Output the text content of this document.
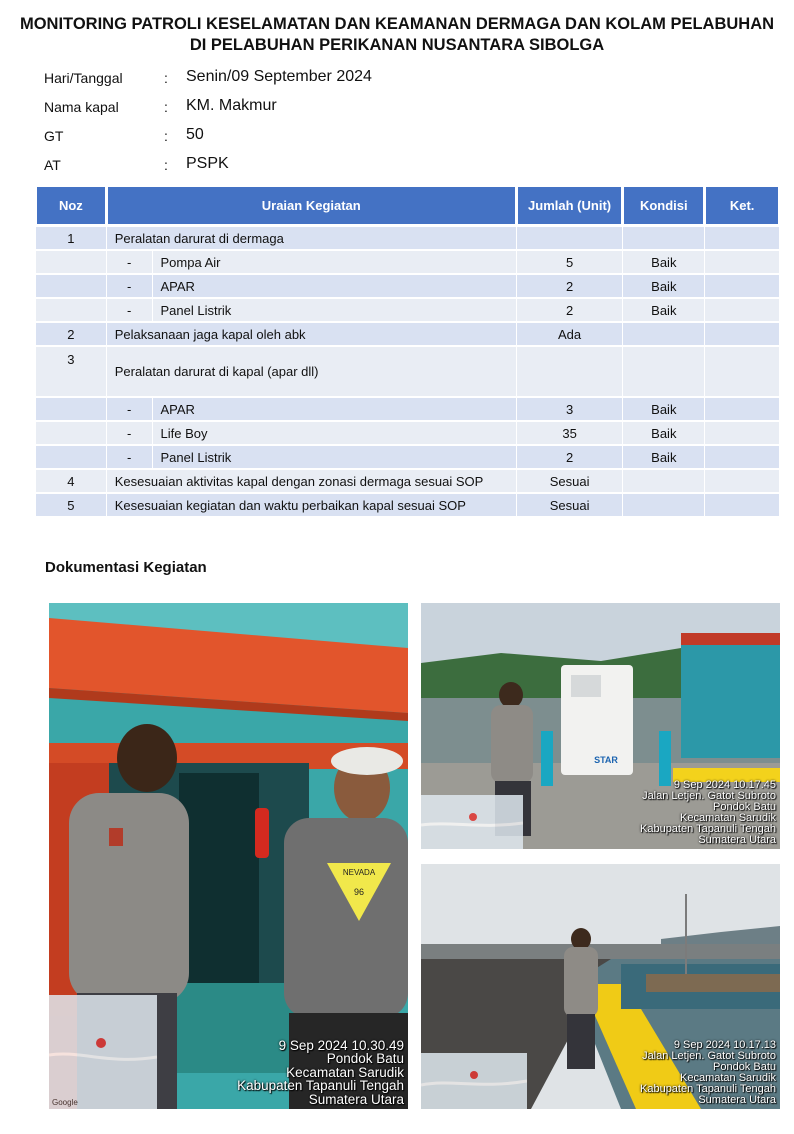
MONITORING PATROLI KESELAMATAN DAN KEAMANAN DERMAGA DAN KOLAM PELABUHAN
DI PELABUHAN PERIKANAN NUSANTARA SIBOLGA
Hari/Tanggal	: Senin/09 September 2024
Nama kapal	: KM. Makmur
GT	: 50
AT	: PSPK
Noz	Uraian Kegiatan		Jumlah (Unit)	Kondisi	Ket.
1	Peralatan darurat di dermaga				
	-	Pompa Air	5	Baik	
	-	APAR	2	Baik	
	-	Panel Listrik	2	Baik	
2	Pelaksanaan jaga kapal oleh abk		Ada		
3	Peralatan darurat di kapal (apar dll)				
	-	APAR	3	Baik	
	-	Life Boy	35	Baik	
	-	Panel Listrik	2	Baik	
4	Kesesuaian aktivitas kapal dengan zonasi dermaga sesuai SOP		Sesuai		
5	Kesesuaian kegiatan dan waktu perbaikan kapal sesuai SOP		Sesuai		
Dokumentasi Kegiatan
NEVADA
96
Google
9 Sep 2024 10.30.49
Pondok Batu
Kecamatan Sarudik
Kabupaten Tapanuli Tengah
Sumatera Utara
STAR
9 Sep 2024 10.17.45
Jalan Letjen. Gatot Subroto
Pondok Batu
Kecamatan Sarudik
Kabupaten Tapanuli Tengah
Sumatera Utara
9 Sep 2024 10.17.13
Jalan Letjen. Gatot Subroto
Pondok Batu
Kecamatan Sarudik
Kabupaten Tapanuli Tengah
Sumatera Utara
